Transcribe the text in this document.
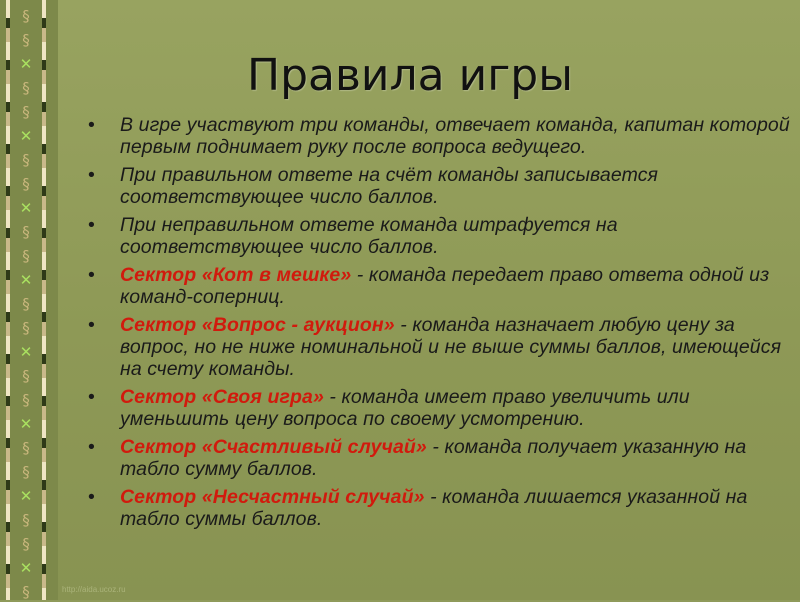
§
§
✕
§
§
✕
§
§
✕
§
§
✕
§
§
✕
§
§
✕
§
§
✕
§
§
✕
§
Правила игры
• В игре участвуют три команды, отвечает команда, капитан которой первым поднимает руку после вопроса ведущего.
• При правильном ответе на счёт команды записывается соответствующее число баллов.
• При неправильном ответе команда штрафуется на соответствующее число баллов.
• Сектор «Кот в мешке» - команда передает право ответа одной из команд-соперниц.
• Сектор «Вопрос - аукцион» - команда назначает любую цену за вопрос, но не ниже номинальной и не выше суммы баллов, имеющейся на счету команды.
• Сектор «Своя игра» - команда имеет право увеличить или уменьшить цену вопроса по своему усмотрению.
• Сектор «Счастливый случай» - команда получает указанную на табло сумму баллов.
• Сектор «Несчастный случай» - команда лишается указанной на табло суммы баллов.
http://aida.ucoz.ru
